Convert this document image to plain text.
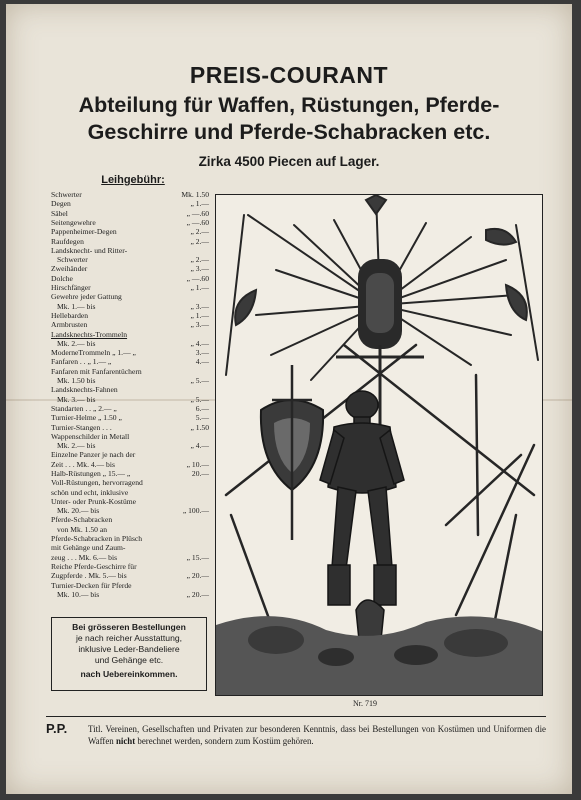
PREIS-COURANT
Abteilung für Waffen, Rüstungen, Pferde-
Geschirre und Pferde-Schabracken etc.
Zirka 4500 Piecen auf Lager.
Leihgebühr:
Schwerter	Mk. 1.50
Degen	„ 1.—
Säbel	„ —.60
Seitengewehre	„ —.60
Pappenheimer-Degen	„ 2.—
Raufdegen	„ 2.—
Landsknecht- und Ritter-
Schwerter	„ 2.—
Zweihänder	„ 3.—
Dolche	„ —.60
Hirschfänger	„ 1.—
Gewehre jeder Gattung
Mk. 1.— bis	„ 3.—
Hellebarden	„ 1.—
Armbrusten	„ 3.—
Landsknechts-Trommeln
Mk. 2.— bis	„ 4.—
ModerneTrommeln „ 1.— „	3.—
Fanfaren . . „ 1.— „	4.—
Fanfaren mit Fanfarentüchern
Mk. 1.50 bis	„ 5.—
Landsknechts-Fahnen
Mk. 3.— bis	„ 5.—
Standarten . . „ 2.— „	6.—
Turnier-Helme „ 1.50 „	5.—
Turnier-Stangen . . .	„ 1.50
Wappenschilder in Metall
Mk. 2.— bis	„ 4.—
Einzelne Panzer je nach der
Zeit . . . Mk. 4.— bis	„ 10.—
Halb-Rüstungen „ 15.— „	20.—
Voll-Rüstungen, hervorragend
schön und echt, inklusive
Unter- oder Prunk-Kostüme
Mk. 20.— bis	„ 100.—
Pferde-Schabracken
von Mk. 1.50 an
Pferde-Schabracken in Plüsch
mit Gehänge und Zaum-
zeug . . . Mk. 6.— bis	„ 15.—
Reiche Pferde-Geschirre für
Zugpferde . Mk. 5.— bis	„ 20.—
Turnier-Decken für Pferde
Mk. 10.— bis	„ 20.—
Bei grösseren Bestellungen
je nach reicher Ausstattung,
inklusive Leder-Bandeliere
und Gehänge etc.
nach Uebereinkommen.
Nr. 719
P.P. Titl. Vereinen, Gesellschaften und Privaten zur besonderen Kenntnis, dass bei Bestellungen von Kostümen und Uniformen die Waffen nicht berechnet werden, sondern zum Kostüm gehören.
